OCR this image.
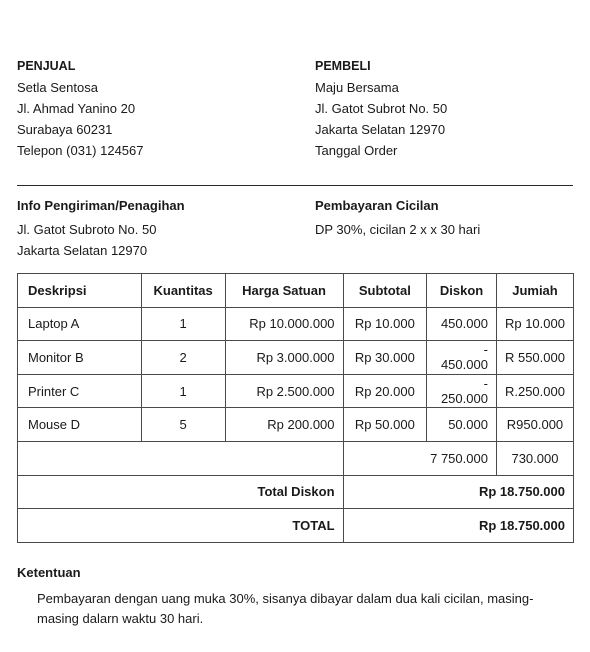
PENJUAL
Setla Sentosa
Jl. Ahmad Yanino 20
Surabaya 60231
Telepon (031) 124567
PEMBELI
Maju Bersama
Jl. Gatot Subrot No. 50
Jakarta Selatan 12970
Tanggal Order
Info Pengiriman/Penagihan
Jl. Gatot Subroto No. 50
Jakarta Selatan 12970
Pembayaran Cicilan
DP 30%, cicilan 2 x x 30 hari
Deskripsi	Kuantitas	Harga Satuan	Subtotal	Diskon	Jumiah
Laptop A	1	Rp 10.000.000	Rp 10.000	450.000	Rp 10.000
Monitor B	2	Rp 3.000.000	Rp 30.000	- 450.000	R 550.000
Printer C	1	Rp 2.500.000	Rp 20.000	- 250.000	R.250.000
Mouse D	5	Rp 200.000	Rp 50.000	50.000	R950.000
			7 750.000		730.000
Total Diskon			Rp 18.750.000		
TOTAL			Rp 18.750.000		
Ketentuan
Pembayaran dengan uang muka 30%, sisanya dibayar dalam dua kali cicilan, masing-masing dalarn waktu 30 hari.
